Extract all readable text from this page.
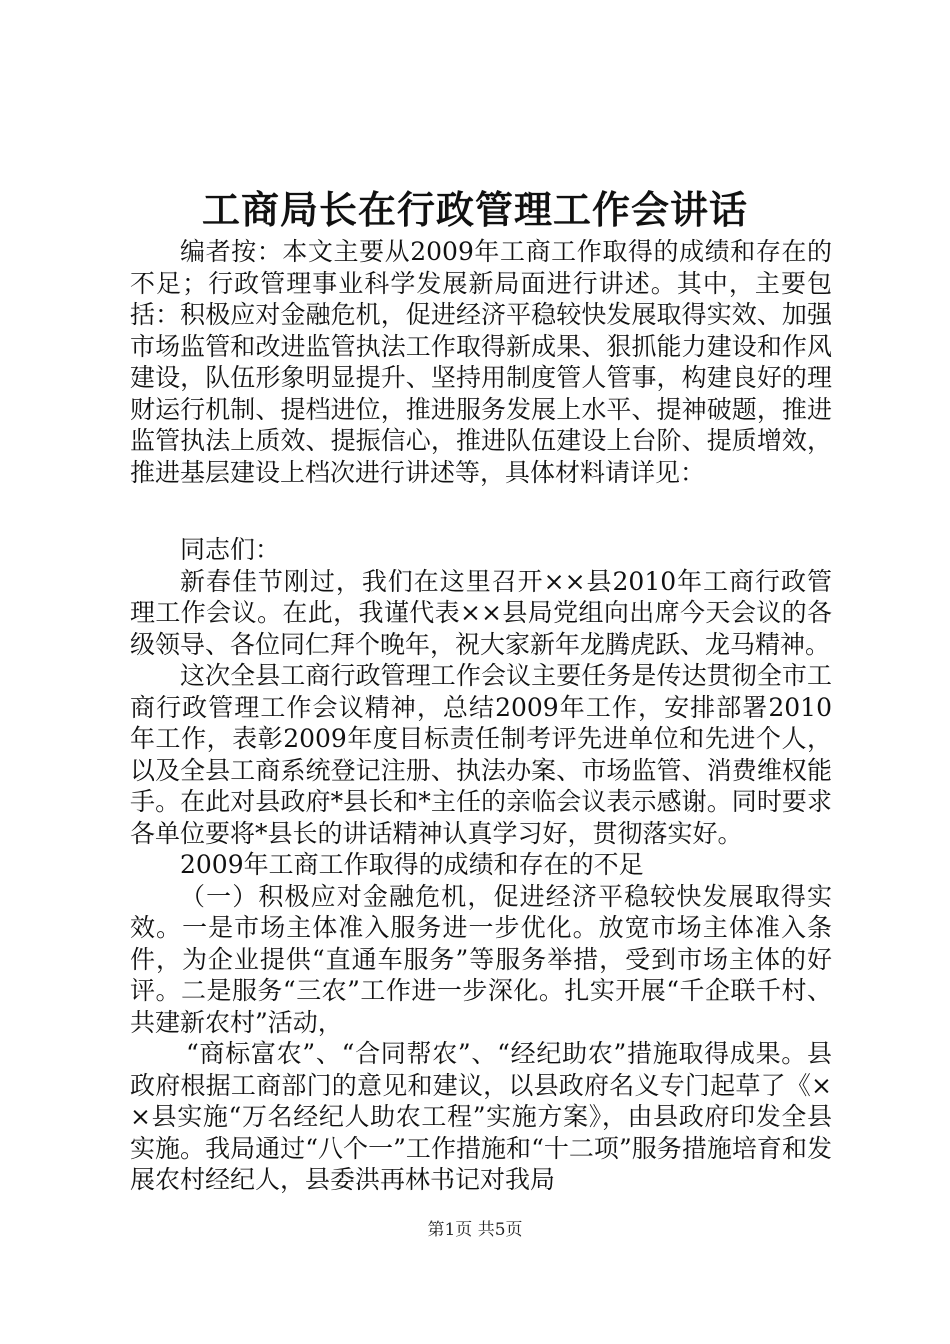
工商局长在行政管理工作会讲话

编者按：本文主要从2009年工商工作取得的成绩和存在的不足；行政管理事业科学发展新局面进行讲述。其中，主要包括：积极应对金融危机，促进经济平稳较快发展取得实效、加强市场监管和改进监管执法工作取得新成果、狠抓能力建设和作风建设，队伍形象明显提升、坚持用制度管人管事，构建良好的理财运行机制、提档进位，推进服务发展上水平、提神破题，推进监管执法上质效、提振信心，推进队伍建设上台阶、提质增效，推进基层建设上档次进行讲述等，具体材料请详见：

同志们：

新春佳节刚过，我们在这里召开××县2010年工商行政管理工作会议。在此，我谨代表××县局党组向出席今天会议的各级领导、各位同仁拜个晚年，祝大家新年龙腾虎跃、龙马精神。

这次全县工商行政管理工作会议主要任务是传达贯彻全市工商行政管理工作会议精神，总结2009年工作，安排部署2010年工作，表彰2009年度目标责任制考评先进单位和先进个人，以及全县工商系统登记注册、执法办案、市场监管、消费维权能手。在此对县政府*县长和*主任的亲临会议表示感谢。同时要求各单位要将*县长的讲话精神认真学习好，贯彻落实好。

2009年工商工作取得的成绩和存在的不足

（一）积极应对金融危机，促进经济平稳较快发展取得实效。一是市场主体准入服务进一步优化。放宽市场主体准入条件，为企业提供“直通车服务”等服务举措，受到市场主体的好评。二是服务“三农”工作进一步深化。扎实开展“千企联千村、共建新农村”活动，

“商标富农”、“合同帮农”、“经纪助农”措施取得成果。县政府根据工商部门的意见和建议，以县政府名义专门起草了《××县实施“万名经纪人助农工程”实施方案》，由县政府印发全县实施。我局通过“八个一”工作措施和“十二项”服务措施培育和发展农村经纪人，县委洪再林书记对我局

第1页 共5页
